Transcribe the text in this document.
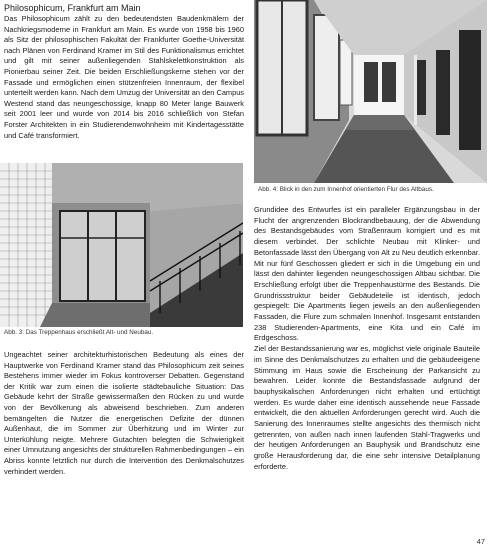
Philosophicum, Frankfurt am Main

Das Philosophicum zählt zu den bedeutendsten Baudenkmälern der Nachkriegsmoderne in Frankfurt am Main. Es wurde von 1958 bis 1960 als Sitz der philosophischen Fakultät der Frankfurter Goethe-Universität nach Plänen von Ferdinand Kramer im Stil des Funktionalismus errichtet und gilt mit seiner außenliegenden Stahlskelettkonstruktion als Pionierbau seiner Zeit. Die beiden Erschließungskerne stehen vor der Fassade und ermöglichen einen stützenfreien Innenraum, der flexibel unterteilt werden kann. Nach dem Umzug der Universität an den Campus Westend stand das neungeschossige, knapp 80 Meter lange Bauwerk seit 2001 leer und wurde von 2014 bis 2016 schließlich von Stefan Forster Architekten in ein Studierendenwohnheim mit Kindertagesstätte und Café transformiert.

Abb. 4: Blick in den zum Innenhof orientierten Flur des Altbaus.
Abb. 3: Das Treppenhaus erschließt Alt- und Neubau.

Ungeachtet seiner architekturhistorischen Bedeutung als eines der Hauptwerke von Ferdinand Kramer stand das Philosophicum zeit seines Bestehens immer wieder im Fokus kontroverser Debatten. Gegenstand der Kritik war zum einen die isolierte städtebauliche Situation: Das Gebäude kehrt der Straße gewissermaßen den Rücken zu und wurde von der Bevölkerung als abweisend beschrieben. Zum anderen bemängelten die Nutzer die energetischen Defizite der dünnen Außenhaut, die im Sommer zur Überhitzung und im Winter zur Unterkühlung neigte. Mehrere Gutachten belegten die Schwierigkeit einer Umnutzung angesichts der strukturellen Rahmenbedingungen – ein Abriss konnte letztlich nur durch die Intervention des Denkmalschutzes verhindert werden.

Grundidee des Entwurfes ist ein paralleler Ergänzungsbau in der Flucht der angrenzenden Blockrandbebauung, der die Abwendung des Bestandsgebäudes vom Straßenraum korrigiert und es mit diesem verbindet. Der schlichte Neubau mit Klinker- und Betonfassade lässt den Übergang von Alt zu Neu deutlich erkennbar. Mit nur fünf Geschossen gliedert er sich in die Umgebung ein und lässt den dahinter liegenden neungeschossigen Altbau sichtbar. Die Erschließung erfolgt über die Treppenhaustürme des Bestands. Die Grundrissstruktur beider Gebäudeteile ist identisch, jedoch gespiegelt: Die Apartments liegen jeweils an den außenliegenden Fassaden, die Flure zum schmalen Innenhof. Insgesamt entstanden 238 Studierenden-Apartments, eine Kita und ein Café im Erdgeschoss.

Ziel der Bestandssanierung war es, möglichst viele originale Bauteile im Sinne des Denkmalschutzes zu erhalten und die gebäudeeigene Stimmung im Haus sowie die Erscheinung der Parkansicht zu bewahren. Leider konnte die Bestandsfassade aufgrund der bauphysikalischen Anforderungen nicht erhalten und ertüchtigt werden. Es wurde daher eine identisch aussehende neue Fassade entwickelt, die den aktuellen Anforderungen gerecht wird. Auch die Sanierung des Innenraumes stellte angesichts des thermisch nicht getrennten, von außen nach innen laufenden Stahl-Tragwerks und der heutigen Anforderungen an Bauphysik und Brandschutz eine große Herausforderung dar, die eine sehr intensive Detailplanung erforderte.

47
